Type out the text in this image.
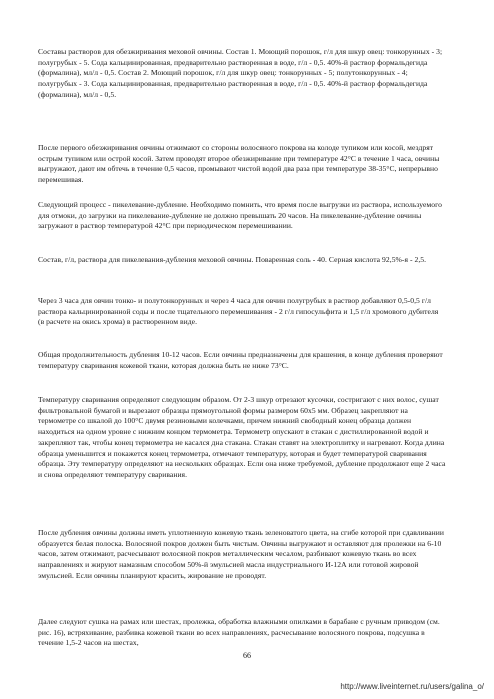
Составы растворов для обезжиривания меховой овчины. Состав 1. Моющий порошок, г/л для шкур овец: тонкорунных - 3; полугрубых - 5. Сода кальцинированная, предварительно растворенная в воде, г/л - 0,5. 40%-й раствор формальдегида (формалина), мл/л - 0,5. Состав 2. Моющий порошок, г/л для шкур овец: тонкорунных - 5; полутонкорунных - 4; полугрубых - 3. Сода кальцинированная, предварительно растворенная в воде, г/л - 0,5. 40%-й раствор формальдегида (формалина), мл/л - 0,5.

После первого обезжиривания овчины отжимают со стороны волосяного покрова на колоде тупиком или косой, мездрят острым тупиком или острой косой. Затем проводят второе обезжиривание при температуре 42°С в течение 1 часа, овчины выгружают, дают им обтечь в течение 0,5 часов, промывают чистой водой два раза при температуре 38-35°С, непрерывно перемешивая.

Следующий процесс - пикелевание-дубление. Необходимо помнить, что время после выгрузки из раствора, используемого для отмоки, до загрузки на пикелевание-дубление не должно превышать 20 часов. На пикелевание-дубление овчины загружают в раствор температурой 42°С при периодическом перемешивании.

Состав, г/л, раствора для пикелевания-дубления меховой овчины. Поваренная соль - 40. Серная кислота 92,5%-я - 2,5.

Через 3 часа для овчин тонко- и полутонкорунных и через 4 часа для овчин полугрубых в раствор добавляют 0,5-0,5 г/л раствора кальцинированной соды и после тщательного перемешивания - 2 г/л гипосульфита и 1,5 г/л хромового дубителя (в расчете на окись хрома) в растворенном виде.

Общая продолжительность дубления 10-12 часов. Если овчины предназначены для крашения, в конце дубления проверяют температуру сваривания кожевой ткани, которая должна быть не ниже 73°С.

Температуру сваривания определяют следующим образом. От 2-3 шкур отрезают кусочки, состригают с них волос, сушат фильтровальной бумагой и вырезают образцы прямоугольной формы размером 60х5 мм. Образец закрепляют на термометре со шкалой до 100°С двумя резиновыми колечками, причем нижний свободный конец образца должен находиться на одном уровне с нижним концом термометра. Термометр опускают в стакан с дистиллированной водой и закрепляют так, чтобы конец термометра не касался дна стакана. Стакан ставят на электроплитку и нагревают. Когда длина образца уменьшится и покажется конец термометра, отмечают температуру, которая и будет температурой сваривания образца. Эту температуру определяют на нескольких образцах. Если она ниже требуемой, дубление продолжают еще 2 часа и снова определяют температуру сваривания.

После дубления овчины должны иметь уплотненную кожевую ткань зеленоватого цвета, на сгибе которой при сдавливании образуется белая полоска. Волосяной покров должен быть чистым. Овчины выгружают и оставляют для пролежки на 6-10 часов, затем отжимают, расчесывают волосяной покров металлическим чесалом, разбивают кожевую ткань во всех направлениях и жируют намазным способом 50%-й эмульсией масла индустриального И-12А или готовой жировой эмульсией. Если овчины планируют красить, жирование не проводят.

Далее следуют сушка на рамах или шестах, пролежка, обработка влажными опилками в барабане с ручным приводом (см. рис. 16), встряхивание, разбивка кожевой ткани во всех направлениях, расчесывание волосяного покрова, подсушка в течение 1,5-2 часов на шестах,

66
http://www.liveinternet.ru/users/galina_o/
